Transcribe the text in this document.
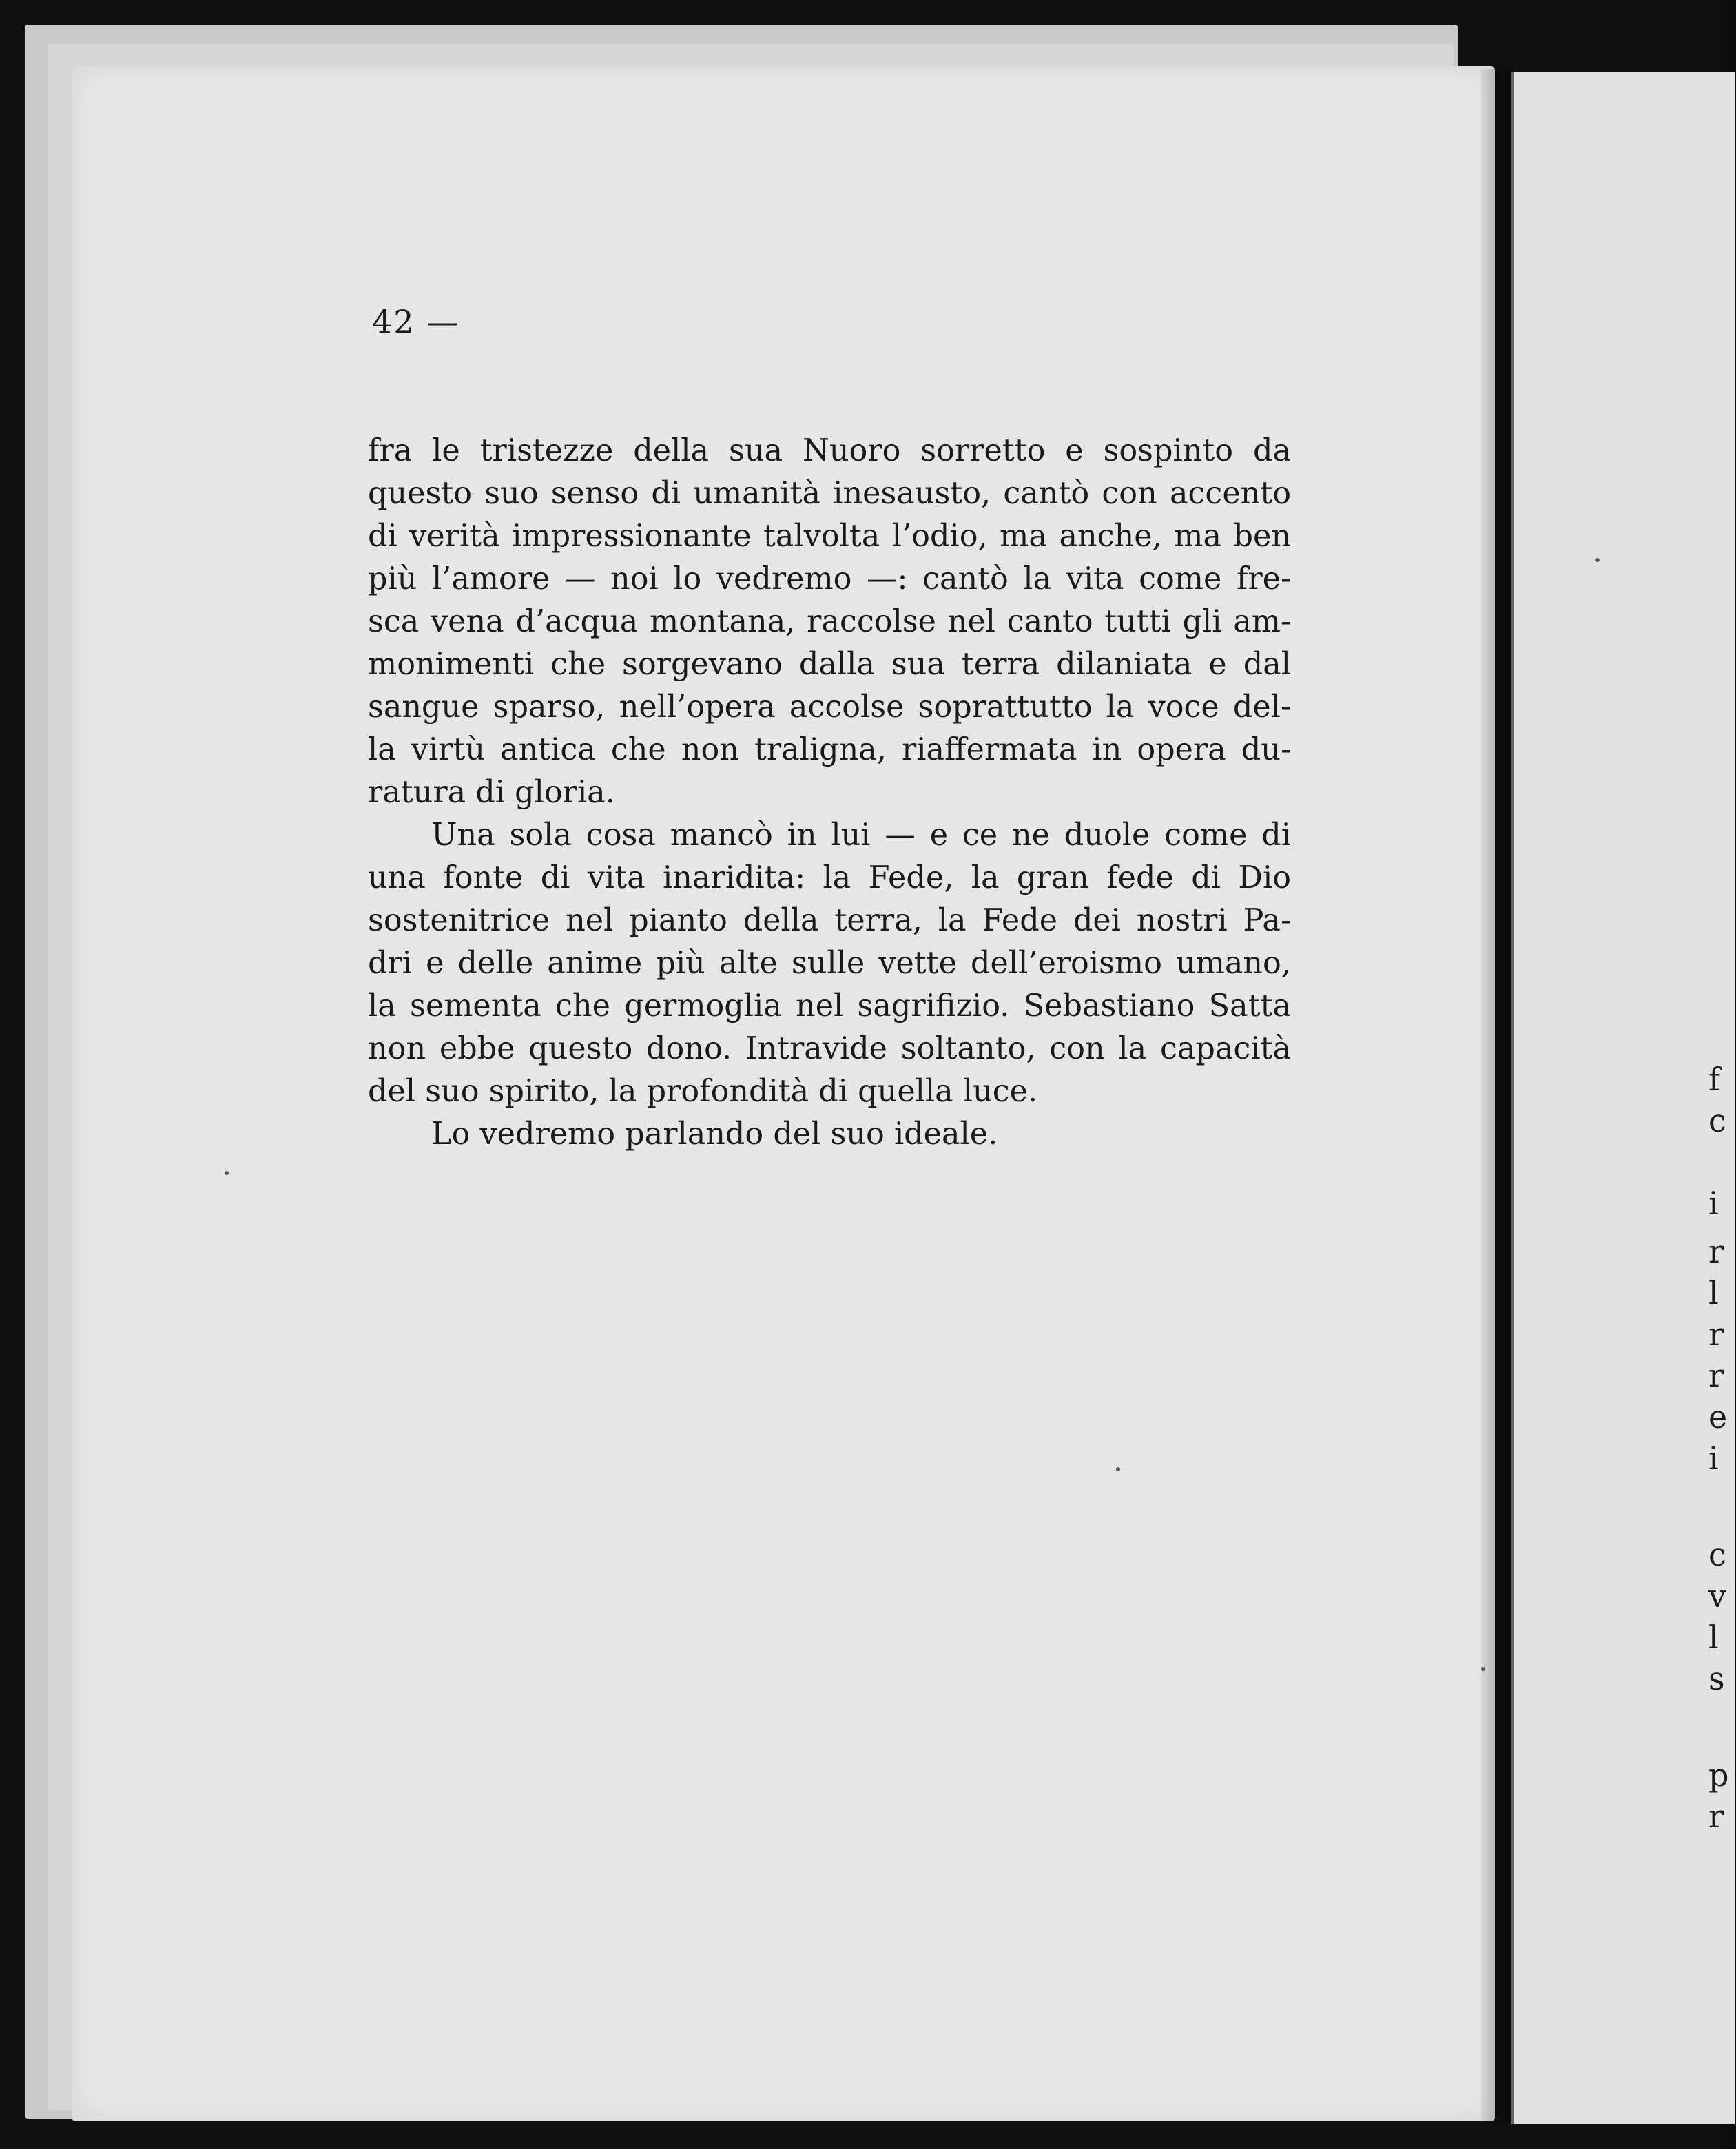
f
c
i
r
l
r
r
e
i
c
v
l
s
p
r
42 —

fra le tristezze della sua Nuoro sorretto e sospinto da
questo suo senso di umanità inesausto, cantò con accento
di verità impressionante talvolta l’odio, ma anche, ma ben
più l’amore — noi lo vedremo —: cantò la vita come fre-
sca vena d’acqua montana, raccolse nel canto tutti gli am-
monimenti che sorgevano dalla sua terra dilaniata e dal
sangue sparso, nell’opera accolse soprattutto la voce del-
la virtù antica che non traligna, riaffermata in opera du-
ratura di gloria.

Una sola cosa mancò in lui — e ce ne duole come di
una fonte di vita inaridita: la Fede, la gran fede di Dio
sostenitrice nel pianto della terra, la Fede dei nostri Pa-
dri e delle anime più alte sulle vette dell’eroismo umano,
la sementa che germoglia nel sagrifizio. Sebastiano Satta
non ebbe questo dono. Intravide soltanto, con la capacità
del suo spirito, la profondità di quella luce.

Lo vedremo parlando del suo ideale.
